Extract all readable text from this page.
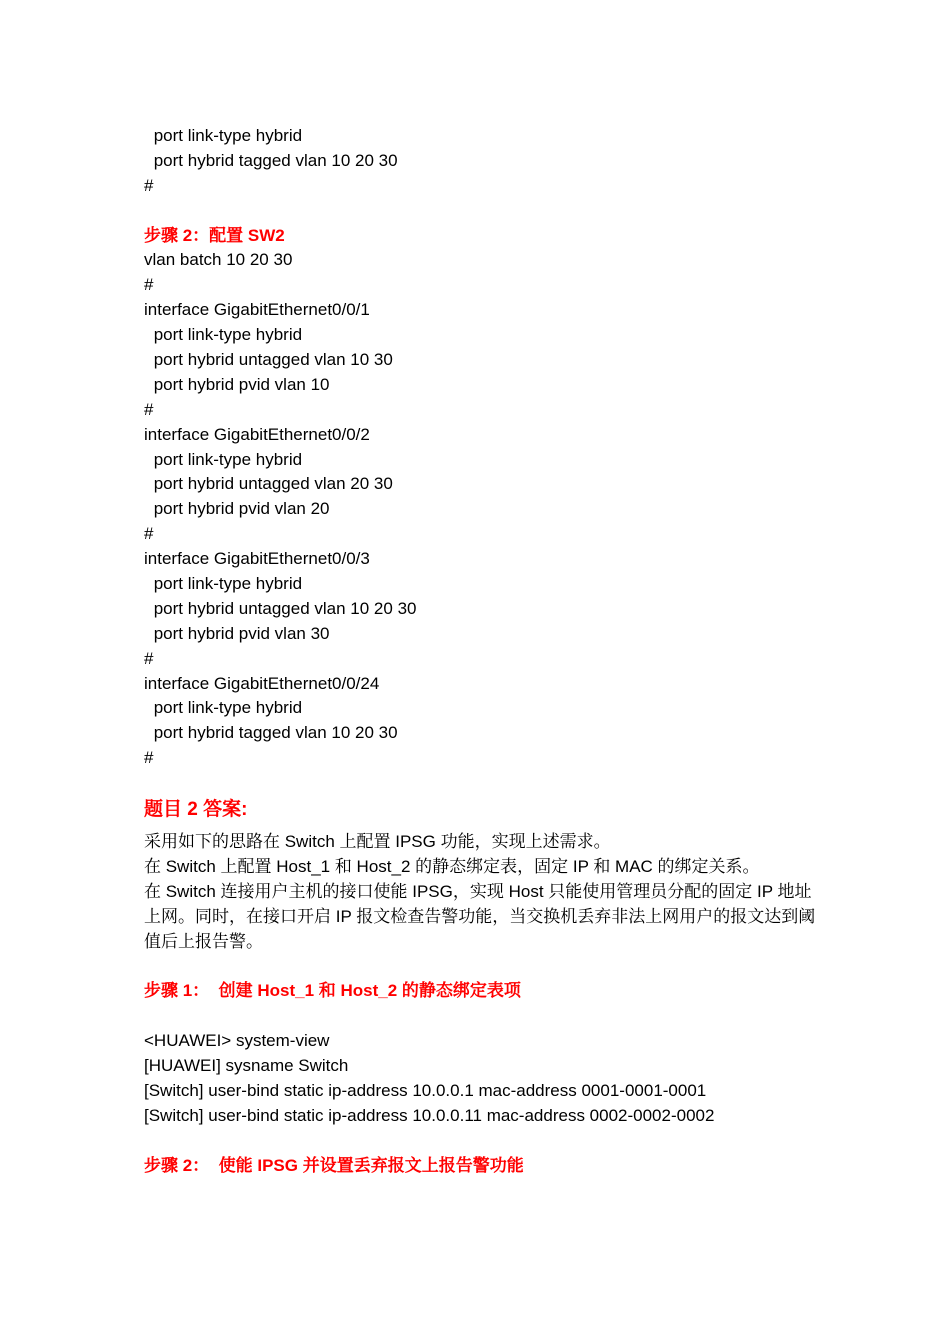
port link-type hybrid
port hybrid tagged vlan 10 20 30
#
步骤 2：配置 SW2
vlan batch 10 20 30
#
interface GigabitEthernet0/0/1
port link-type hybrid
port hybrid untagged vlan 10 30
port hybrid pvid vlan 10
#
interface GigabitEthernet0/0/2
port link-type hybrid
port hybrid untagged vlan 20 30
port hybrid pvid vlan 20
#
interface GigabitEthernet0/0/3
port link-type hybrid
port hybrid untagged vlan 10 20 30
port hybrid pvid vlan 30
#
interface GigabitEthernet0/0/24
port link-type hybrid
port hybrid tagged vlan 10 20 30
#
题目 2 答案:

采用如下的思路在 Switch 上配置 IPSG 功能，实现上述需求。

在 Switch 上配置 Host_1 和 Host_2 的静态绑定表，固定 IP 和 MAC 的绑定关系。

在 Switch 连接用户主机的接口使能 IPSG，实现 Host 只能使用管理员分配的固定 IP 地址上网。同时，在接口开启 IP 报文检查告警功能，当交换机丢弃非法上网用户的报文达到阈值后上报告警。

步骤 1：  创建 Host_1 和 Host_2 的静态绑定表项
<HUAWEI> system-view
[HUAWEI] sysname Switch
[Switch] user-bind static ip-address 10.0.0.1 mac-address 0001-0001-0001
[Switch] user-bind static ip-address 10.0.0.11 mac-address 0002-0002-0002
步骤 2：  使能 IPSG 并设置丢弃报文上报告警功能
